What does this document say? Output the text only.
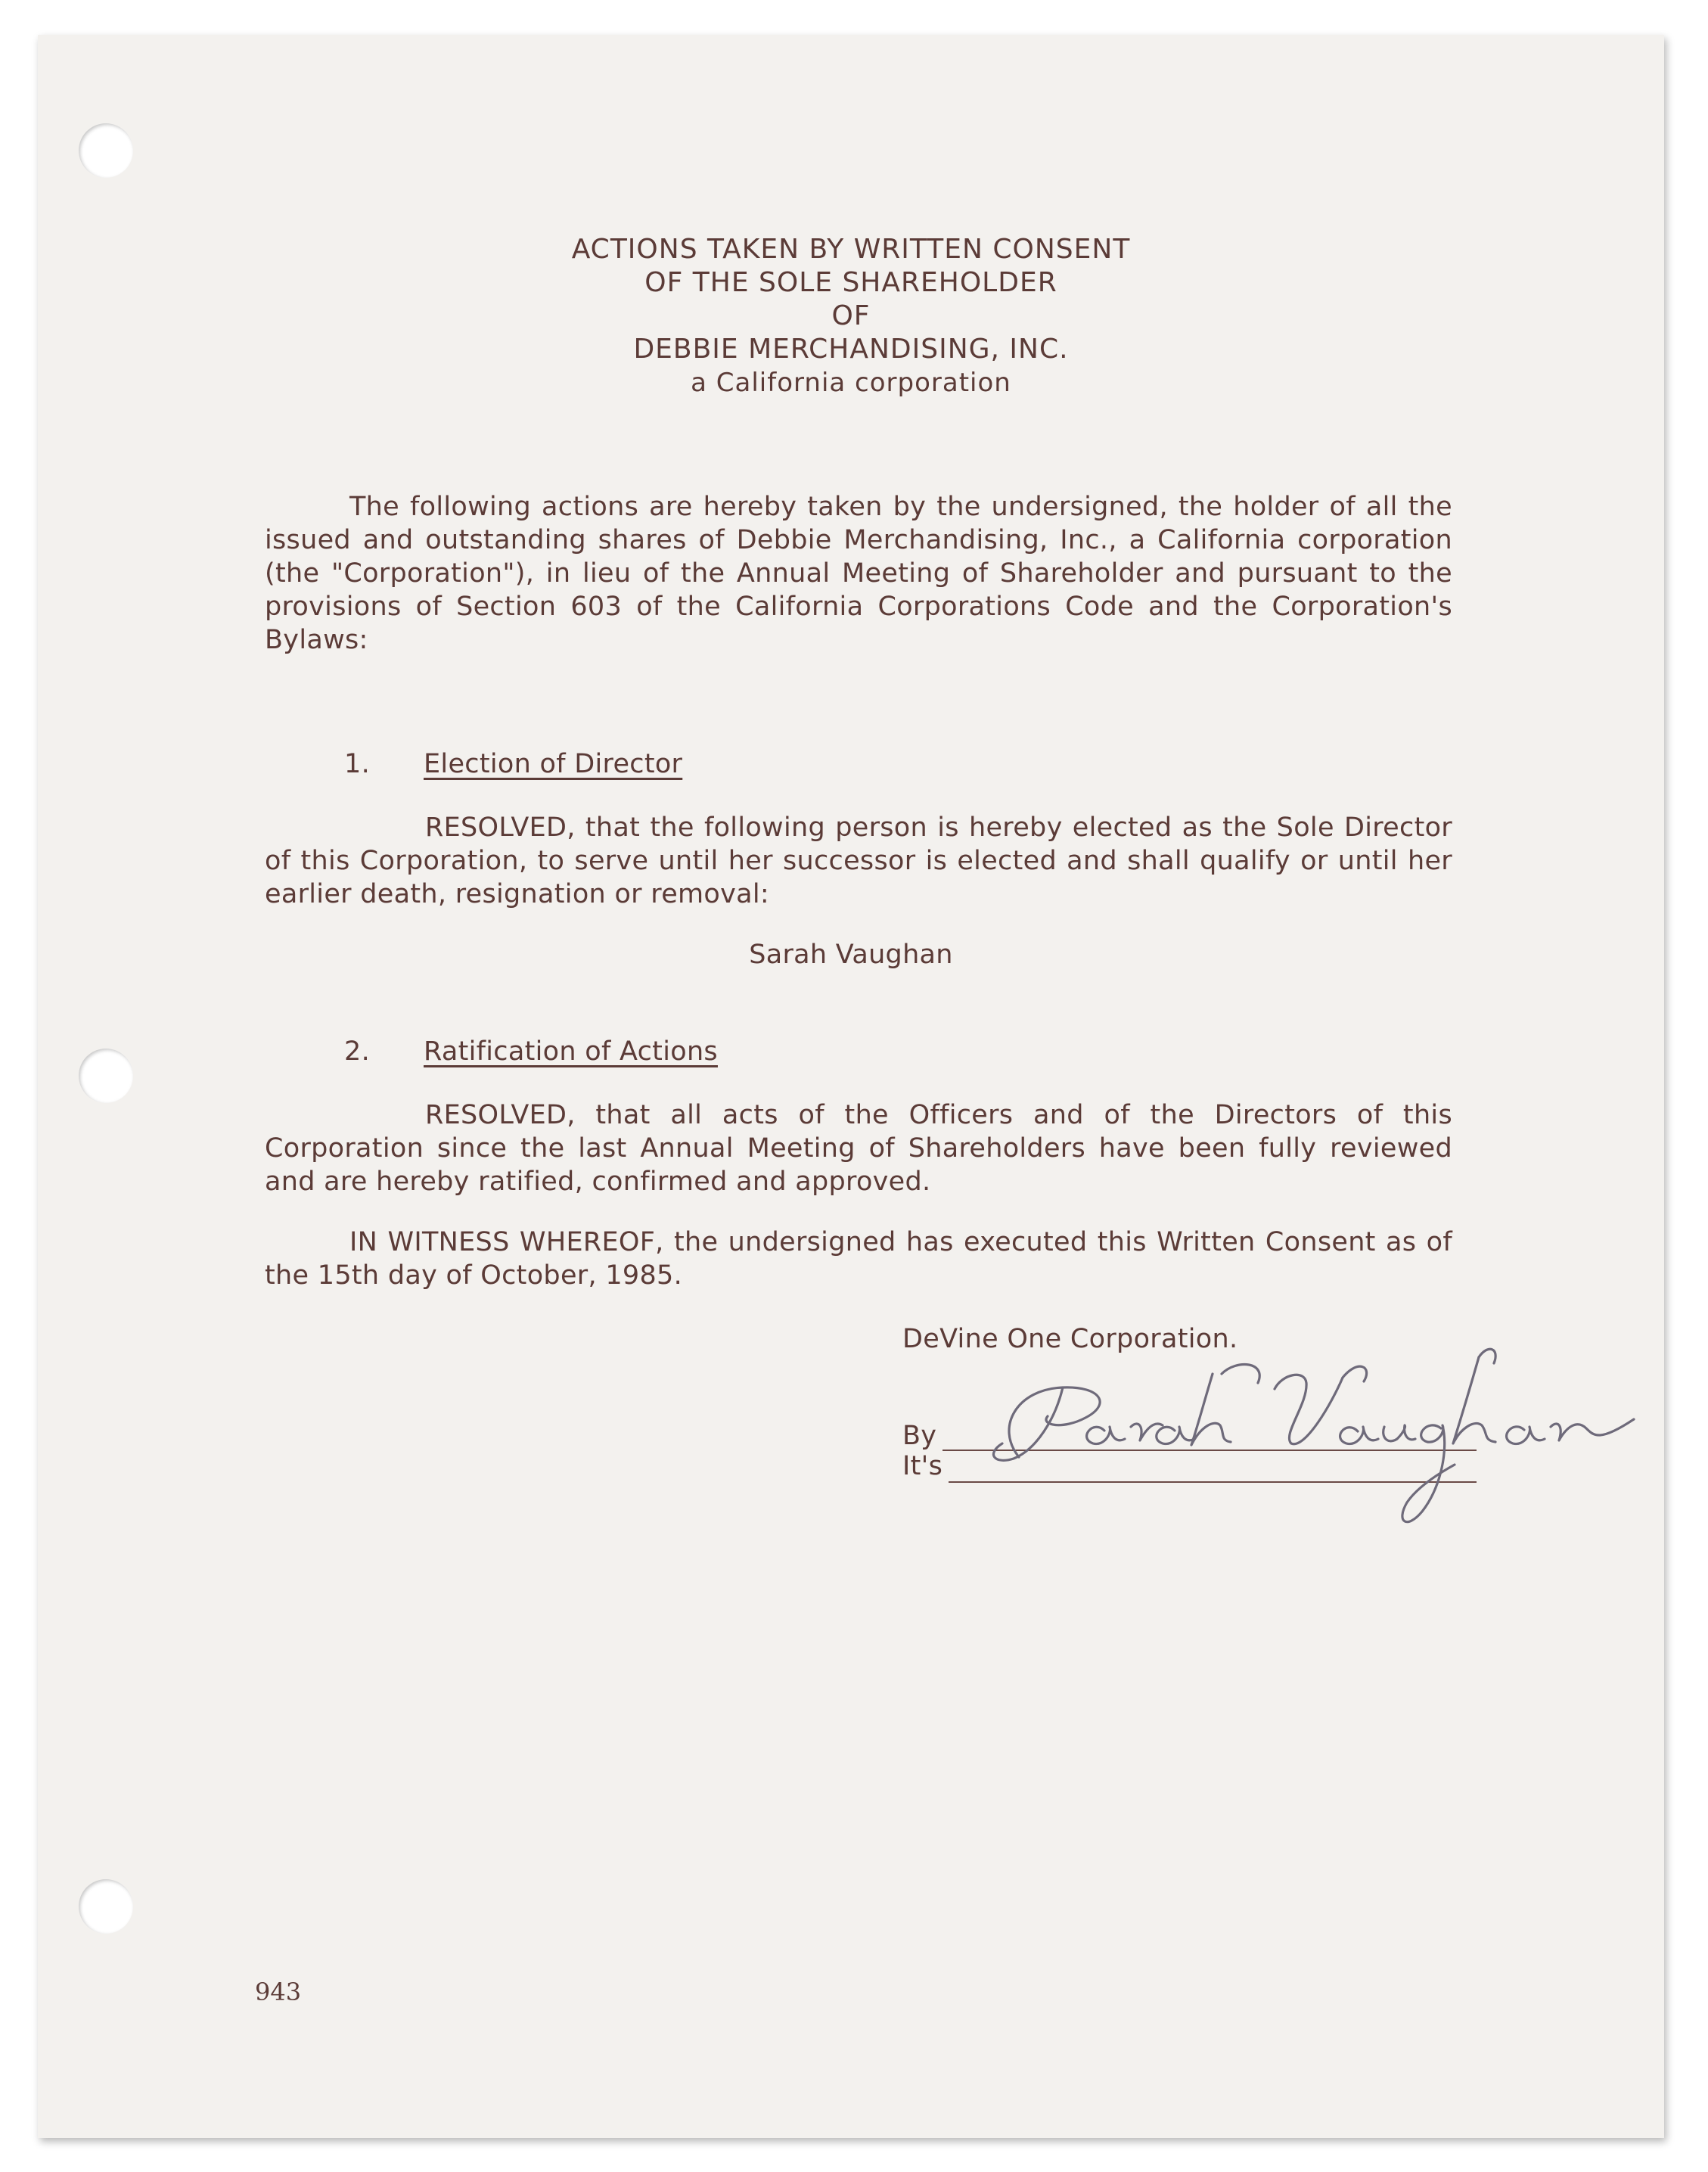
ACTIONS TAKEN BY WRITTEN CONSENT
OF THE SOLE SHAREHOLDER
OF
DEBBIE MERCHANDISING, INC.
a California corporation
The following actions are hereby taken by the undersigned, the holder of all the issued and outstanding shares of Debbie Merchandising, Inc., a California corporation (the "Corporation"), in lieu of the Annual Meeting of Shareholder and pursuant to the provisions of Section 603 of the California Corporations Code and the Corporation's Bylaws:
1. Election of Director
RESOLVED, that the following person is hereby elected as the Sole Director of this Corporation, to serve until her successor is elected and shall qualify or until her earlier death, resignation or removal:
Sarah Vaughan
2. Ratification of Actions
RESOLVED, that all acts of the Officers and of the Directors of this Corporation since the last Annual Meeting of Shareholders have been fully reviewed and are hereby ratified, confirmed and approved.
IN WITNESS WHEREOF, the undersigned has executed this Written Consent as of the 15th day of October, 1985.
DeVine One Corporation.
By
It's
943
